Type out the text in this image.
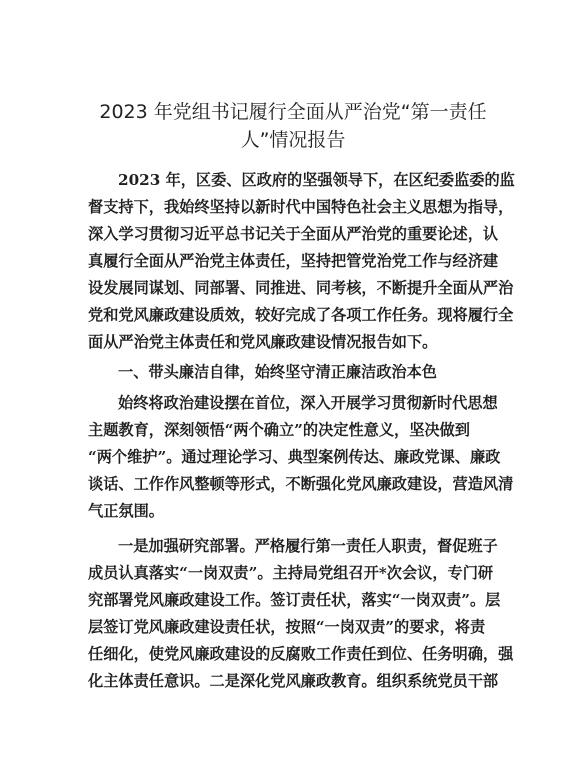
2023 年党组书记履行全面从严治党“第一责任
人”情况报告
2023 年，区委、区政府的坚强领导下，在区纪委监委的监
督支持下，我始终坚持以新时代中国特色社会主义思想为指导，
深入学习贯彻习近平总书记关于全面从严治党的重要论述，认
真履行全面从严治党主体责任，坚持把管党治党工作与经济建
设发展同谋划、同部署、同推进、同考核，不断提升全面从严治
党和党风廉政建设质效，较好完成了各项工作任务。现将履行全
面从严治党主体责任和党风廉政建设情况报告如下。
一、带头廉洁自律，始终坚守清正廉洁政治本色
始终将政治建设摆在首位，深入开展学习贯彻新时代思想
主题教育，深刻领悟“两个确立”的决定性意义，坚决做到
“两个维护”。通过理论学习、典型案例传达、廉政党课、廉政
谈话、工作作风整顿等形式，不断强化党风廉政建设，营造风清
气正氛围。
一是加强研究部署。严格履行第一责任人职责，督促班子
成员认真落实“一岗双责”。主持局党组召开*次会议，专门研
究部署党风廉政建设工作。签订责任状，落实“一岗双责”。层
层签订党风廉政建设责任状，按照“一岗双责”的要求，将责
任细化，使党风廉政建设的反腐败工作责任到位、任务明确，强
化主体责任意识。二是深化党风廉政教育。组织系统党员干部
